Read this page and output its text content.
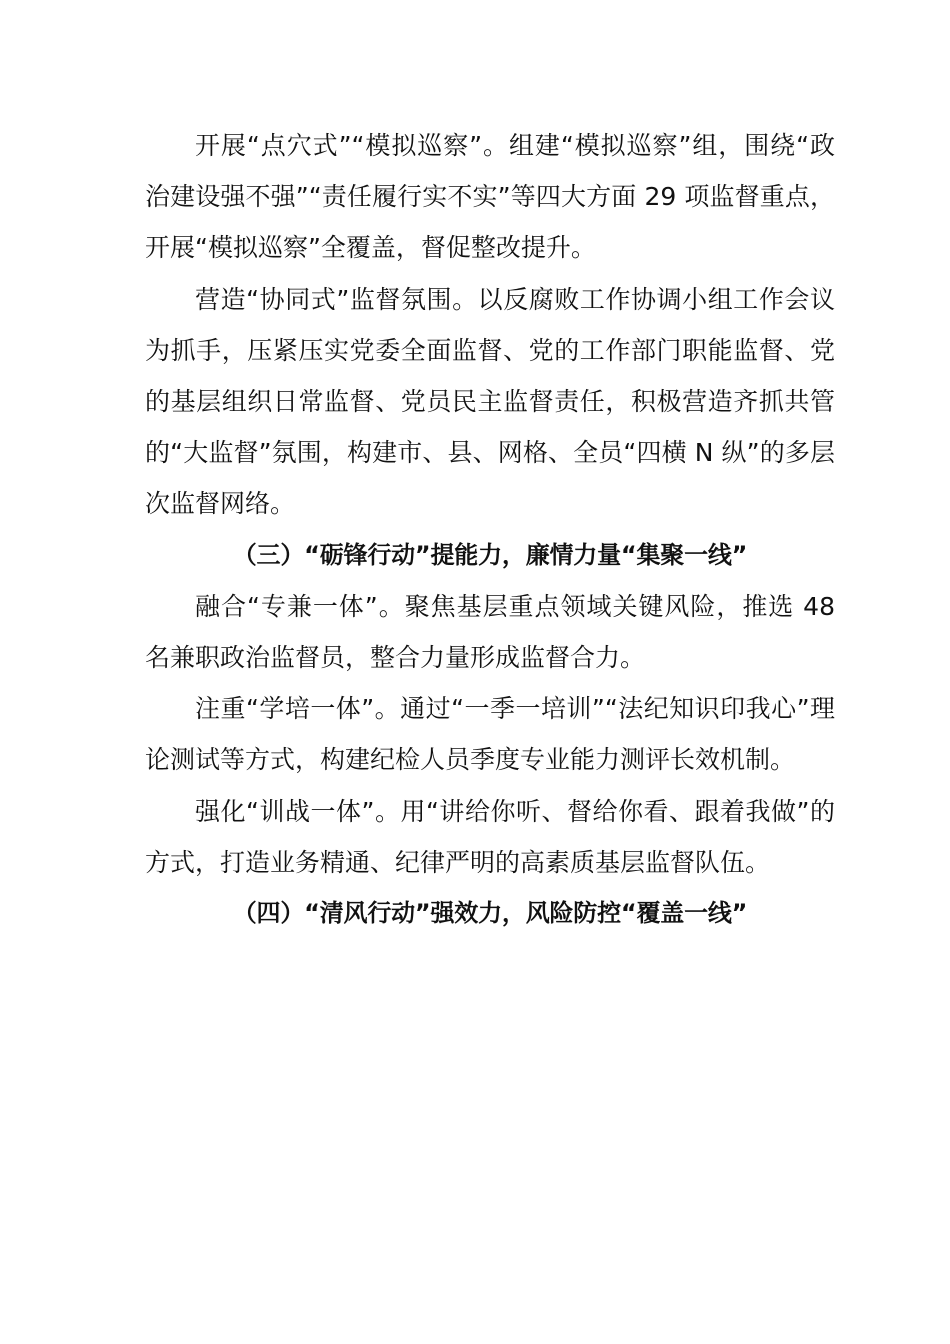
开展“点穴式”“模拟巡察”。组建“模拟巡察”组，围绕“政治建设强不强”“责任履行实不实”等四大方面 29 项监督重点，开展“模拟巡察”全覆盖，督促整改提升。

营造“协同式”监督氛围。以反腐败工作协调小组工作会议为抓手，压紧压实党委全面监督、党的工作部门职能监督、党的基层组织日常监督、党员民主监督责任，积极营造齐抓共管的“大监督”氛围，构建市、县、网格、全员“四横 N 纵”的多层次监督网络。

（三）“砺锋行动”提能力，廉情力量“集聚一线”

融合“专兼一体”。聚焦基层重点领域关键风险，推选 48 名兼职政治监督员，整合力量形成监督合力。

注重“学培一体”。通过“一季一培训”“法纪知识印我心”理论测试等方式，构建纪检人员季度专业能力测评长效机制。

强化“训战一体”。用“讲给你听、督给你看、跟着我做”的方式，打造业务精通、纪律严明的高素质基层监督队伍。

（四）“清风行动”强效力，风险防控“覆盖一线”
